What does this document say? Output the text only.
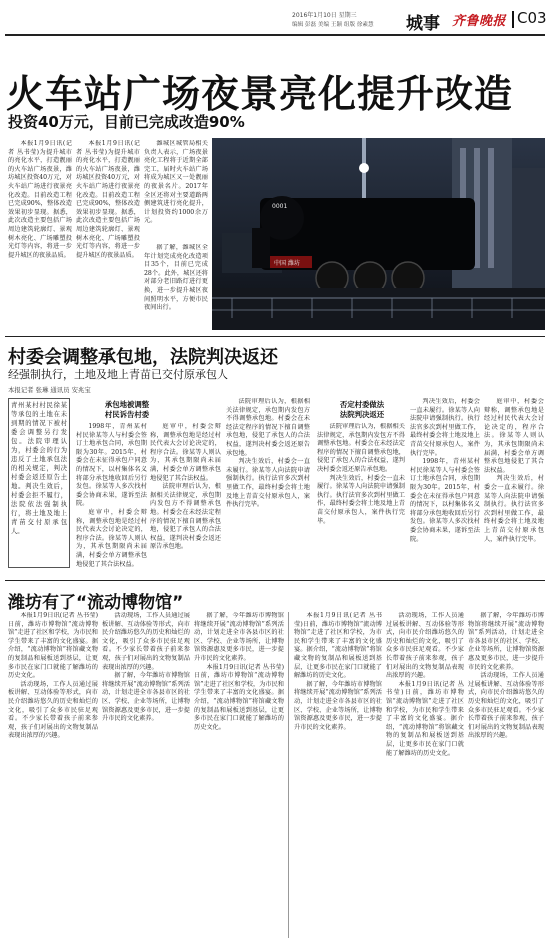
2016年1月10日 星期三
编辑 彭磊 美编 王颖 组版 徐素慧 城事 齐鲁晚报 C03
火车站广场夜景亮化提升改造
投资40万元，目前已完成改造90%

本报1月9日讯(记者 丛书莹)为提升城市的亮化水平，打造靓丽的火车站广场夜景，潍坊城区投资40万元，对火车站广场进行夜景亮化改造。目前改造工程已完成90%，整体改造效果初步显现。据悉，此次改造主要包括广场周边建筑轮廓灯、景观树木亮化、广场雕塑投光灯等内容，将进一步提升城区的夜景品质。

本报1月9日讯(记者 丛书莹)为提升城市的亮化水平，打造靓丽的火车站广场夜景，潍坊城区投资40万元，对火车站广场进行夜景亮化改造。目前改造工程已完成90%，整体改造效果初步显现。据悉，此次改造主要包括广场周边建筑轮廓灯、景观树木亮化、广场雕塑投光灯等内容，将进一步提升城区的夜景品质。

潍城区城管局相关负责人表示，广场夜景亮化工程将于近期全部完工，届时火车站广场将成为城区又一处靓丽的夜景名片。2017年全区还将对主要道路两侧建筑进行亮化提升，计划投资约1000余万元。

据了解，潍城区全年计划完成亮化改造项目35个，目前已完成28个。此外，城区还将对部分老旧路灯进行更换，进一步提升城区夜间照明水平，方便市民夜间出行。

0001
中国 潍坊
村委会调整承包地，法院判决返还
经强制执行，土地及地上青苗已交付原承包人
本报记者 张琳 通讯员 安兆宝
青州某村村民徐某等承包的土地在未到期的情况下被村委会调整另行发包。法院审理认为，村委会的行为违反了土地承包法的相关规定，判决村委会返还原告土地。判决生效后，村委会拒不履行，法院依法强制执行，将土地及地上青苗交付原承包人。
承包地被调整
村民诉告村委

1998年，青州某村村民徐某等人与村委会签订土地承包合同，承包期限为30年。2015年，村委会在未征得承包户同意的情况下，以村集体名义将部分承包地收回后另行发包。徐某等人多次找村委会协商未果，遂诉至法院。

庭审中，村委会辩称，调整承包地是经过村民代表大会讨论决定的，程序合法。徐某等人则认为，其承包期限尚未届满，村委会单方调整承包地侵犯了其合法权益。

庭审中，村委会辩称，调整承包地是经过村民代表大会讨论决定的，程序合法。徐某等人则认为，其承包期限尚未届满，村委会单方调整承包地侵犯了其合法权益。

法院审理后认为，根据相关法律规定，承包期内发包方不得调整承包地。村委会在未经法定程序的情况下擅自调整承包地，侵犯了承包人的合法权益，遂判决村委会返还原告承包地。

法院审理后认为，根据相关法律规定，承包期内发包方不得调整承包地。村委会在未经法定程序的情况下擅自调整承包地，侵犯了承包人的合法权益，遂判决村委会返还原告承包地。

判决生效后，村委会一直未履行。徐某等人向法院申请强制执行。执行法官多次到村里做工作，最终村委会将土地及地上青苗交付原承包人，案件执行完毕。

否定村委做法
法院判决返还

法院审理后认为，根据相关法律规定，承包期内发包方不得调整承包地。村委会在未经法定程序的情况下擅自调整承包地，侵犯了承包人的合法权益，遂判决村委会返还原告承包地。

判决生效后，村委会一直未履行。徐某等人向法院申请强制执行。执行法官多次到村里做工作，最终村委会将土地及地上青苗交付原承包人，案件执行完毕。

判决生效后，村委会一直未履行。徐某等人向法院申请强制执行。执行法官多次到村里做工作，最终村委会将土地及地上青苗交付原承包人，案件执行完毕。

1998年，青州某村村民徐某等人与村委会签订土地承包合同，承包期限为30年。2015年，村委会在未征得承包户同意的情况下，以村集体名义将部分承包地收回后另行发包。徐某等人多次找村委会协商未果，遂诉至法院。

庭审中，村委会辩称，调整承包地是经过村民代表大会讨论决定的，程序合法。徐某等人则认为，其承包期限尚未届满，村委会单方调整承包地侵犯了其合法权益。

判决生效后，村委会一直未履行。徐某等人向法院申请强制执行。执行法官多次到村里做工作，最终村委会将土地及地上青苗交付原承包人，案件执行完毕。

潍坊有了“流动博物馆”

本报1月9日讯(记者 丛书莹)日前，潍坊市博物馆“流动博物馆”走进了社区和学校，为市民和学生带来了丰富的文化盛宴。据介绍，“流动博物馆”将馆藏文物的复制品和展板送到基层，让更多市民在家门口就能了解潍坊的历史文化。

活动现场，工作人员通过展板讲解、互动体验等形式，向市民介绍潍坊悠久的历史和灿烂的文化，吸引了众多市民驻足观看。不少家长带着孩子前来参观，孩子们对展出的文物复制品表现出浓厚的兴趣。

活动现场，工作人员通过展板讲解、互动体验等形式，向市民介绍潍坊悠久的历史和灿烂的文化，吸引了众多市民驻足观看。不少家长带着孩子前来参观，孩子们对展出的文物复制品表现出浓厚的兴趣。

据了解，今年潍坊市博物馆将继续开展“流动博物馆”系列活动，计划走进全市各县市区的社区、学校、企业等场所，让博物馆资源惠及更多市民，进一步提升市民的文化素养。

据了解，今年潍坊市博物馆将继续开展“流动博物馆”系列活动，计划走进全市各县市区的社区、学校、企业等场所，让博物馆资源惠及更多市民，进一步提升市民的文化素养。

本报1月9日讯(记者 丛书莹)日前，潍坊市博物馆“流动博物馆”走进了社区和学校，为市民和学生带来了丰富的文化盛宴。据介绍，“流动博物馆”将馆藏文物的复制品和展板送到基层，让更多市民在家门口就能了解潍坊的历史文化。

本报1月9日讯(记者 丛书莹)日前，潍坊市博物馆“流动博物馆”走进了社区和学校，为市民和学生带来了丰富的文化盛宴。据介绍，“流动博物馆”将馆藏文物的复制品和展板送到基层，让更多市民在家门口就能了解潍坊的历史文化。

据了解，今年潍坊市博物馆将继续开展“流动博物馆”系列活动，计划走进全市各县市区的社区、学校、企业等场所，让博物馆资源惠及更多市民，进一步提升市民的文化素养。

活动现场，工作人员通过展板讲解、互动体验等形式，向市民介绍潍坊悠久的历史和灿烂的文化，吸引了众多市民驻足观看。不少家长带着孩子前来参观，孩子们对展出的文物复制品表现出浓厚的兴趣。

本报1月9日讯(记者 丛书莹)日前，潍坊市博物馆“流动博物馆”走进了社区和学校，为市民和学生带来了丰富的文化盛宴。据介绍，“流动博物馆”将馆藏文物的复制品和展板送到基层，让更多市民在家门口就能了解潍坊的历史文化。

据了解，今年潍坊市博物馆将继续开展“流动博物馆”系列活动，计划走进全市各县市区的社区、学校、企业等场所，让博物馆资源惠及更多市民，进一步提升市民的文化素养。

活动现场，工作人员通过展板讲解、互动体验等形式，向市民介绍潍坊悠久的历史和灿烂的文化，吸引了众多市民驻足观看。不少家长带着孩子前来参观，孩子们对展出的文物复制品表现出浓厚的兴趣。
